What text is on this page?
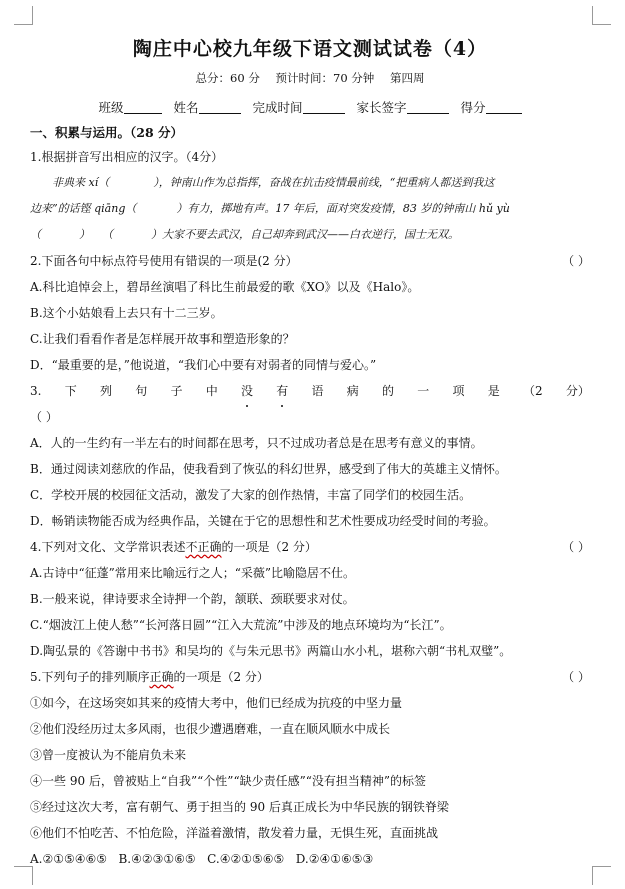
陶庄中心校九年级下语文测试试卷（4）
总分：60 分 预计时间：70 分钟 第四周
班级	姓名	完成时间	家长签字	得分
一、积累与运用。（28 分）
1.根据拼音写出相应的汉字。（4分）
非典来 xí（	），钟南山作为总指挥，奋战在抗击疫情最前线，“把重病人都送到我这
边来”的话铿 qiāng（	）有力，掷地有声。17 年后，面对突发疫情，83 岁的钟南山 hǔ yù
（	） （	）大家不要去武汉，自己却奔到武汉——白衣逆行，国士无双。
2.下面各句中标点符号使用有错误的一项是(2 分）	（ ）
A.科比追悼会上，碧昂丝演唱了科比生前最爱的歌《XO》以及《Halo》。
B.这个小姑娘看上去只有十二三岁。
C.让我们看看作者是怎样展开故事和塑造形象的？
D．“最重要的是，”他说道，“我们心中要有对弱者的同情与爱心。”
3. 下 列 句 子 中 没 有 语 病 的 一 项 是 （2 分）
（ ）
A．人的一生约有一半左右的时间都在思考，只不过成功者总是在思考有意义的事情。
B．通过阅读刘慈欣的作品，使我看到了恢弘的科幻世界，感受到了伟大的英雄主义情怀。
C．学校开展的校园征文活动，激发了大家的创作热情，丰富了同学们的校园生活。
D．畅销读物能否成为经典作品，关键在于它的思想性和艺术性要成功经受时间的考验。
4.下列对文化、文学常识表述不正确的一项是（2 分）	（ ）
A.古诗中“征蓬”常用来比喻远行之人；“采薇”比喻隐居不仕。
B.一般来说，律诗要求全诗押一个韵，颔联、颈联要求对仗。
C.“烟波江上使人愁”“长河落日圆”“江入大荒流”中涉及的地点环境均为“长江”。
D.陶弘景的《答谢中书书》和吴均的《与朱元思书》两篇山水小札，堪称六朝“书札双璧”。
5.下列句子的排列顺序正确的一项是（2 分）	（ ）
①如今，在这场突如其来的疫情大考中，他们已经成为抗疫的中坚力量
②他们没经历过太多风雨，也很少遭遇磨难，一直在顺风顺水中成长
③曾一度被认为不能肩负未来
④一些 90 后，曾被贴上“自我”“个性”“缺少责任感”“没有担当精神”的标签
⑤经过这次大考，富有朝气、勇于担当的 90 后真正成长为中华民族的钢铁脊梁
⑥他们不怕吃苦、不怕危险，洋溢着激情，散发着力量，无惧生死，直面挑战
A.②①⑤④⑥⑤ B.④②③①⑥⑤ C.④②①⑤⑥⑤ D.②④①⑥⑤③
